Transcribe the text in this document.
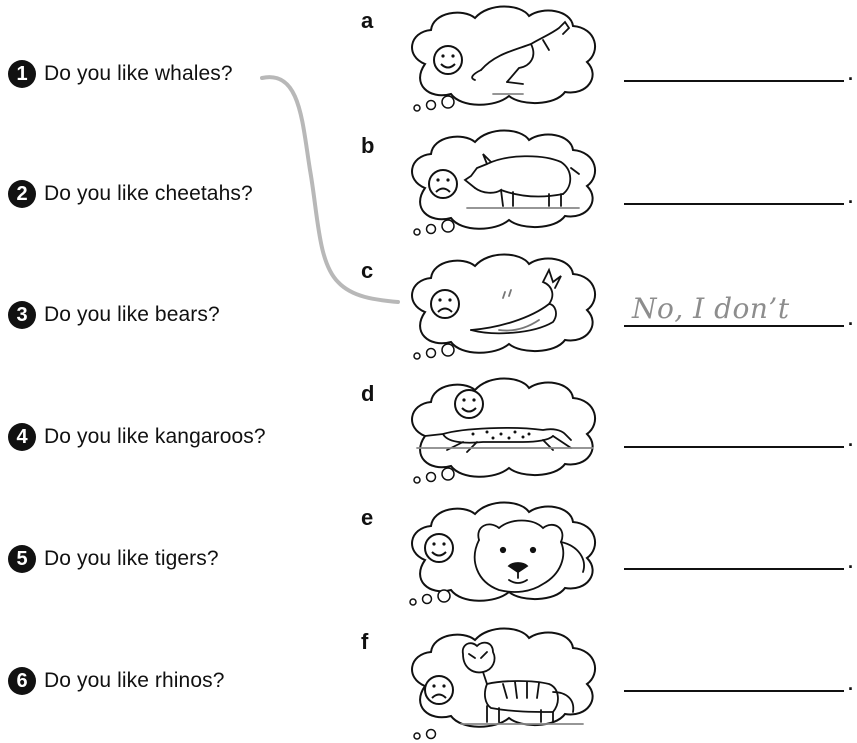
1 Do you like whales?
2 Do you like cheetahs?
3 Do you like bears?
4 Do you like kangaroos?
5 Do you like tigers?
6 Do you like rhinos?
a
b
c
d
e
f
.
.
No, I don’t	.
.
.
.
